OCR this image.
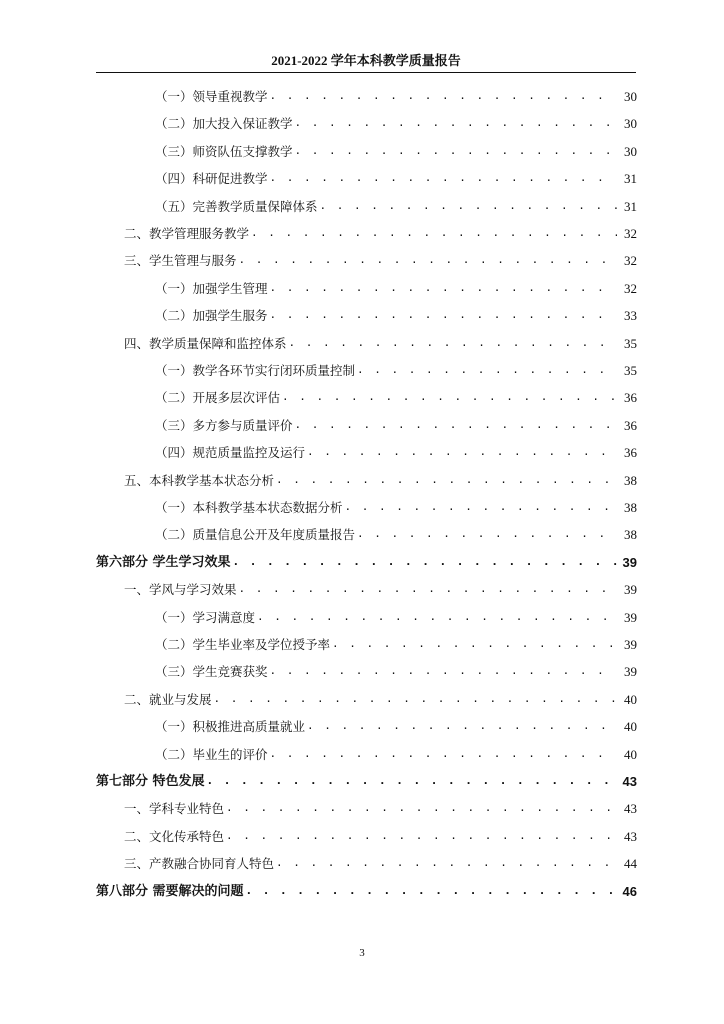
2021-2022 学年本科教学质量报告
（一）领导重视教学 . . .	30
（二）加大投入保证教学 . . .	30
（三）师资队伍支撑教学 . . .	30
（四）科研促进教学 . . .	31
（五）完善教学质量保障体系 . . .	31
二、教学管理服务教学 . . .	32
三、学生管理与服务 . . .	32
（一）加强学生管理 . . .	32
（二）加强学生服务 . . .	33
四、教学质量保障和监控体系 . . .	35
（一）教学各环节实行闭环质量控制 . . .	35
（二）开展多层次评估 . . .	36
（三）多方参与质量评价 . . .	36
（四）规范质量监控及运行 . . .	36
五、本科教学基本状态分析 . . .	38
（一）本科教学基本状态数据分析 . . .	38
（二）质量信息公开及年度质量报告 . . .	38
第六部分 学生学习效果 . . .	39
一、学风与学习效果 . . .	39
（一）学习满意度 . . .	39
（二）学生毕业率及学位授予率 . . .	39
（三）学生竞赛获奖 . . .	39
二、就业与发展 . . .	40
（一）积极推进高质量就业 . . .	40
（二）毕业生的评价 . . .	40
第七部分 特色发展 . . .	43
一、学科专业特色 . . .	43
二、文化传承特色 . . .	43
三、产教融合协同育人特色 . . .	44
第八部分 需要解决的问题 . . .	46
3
